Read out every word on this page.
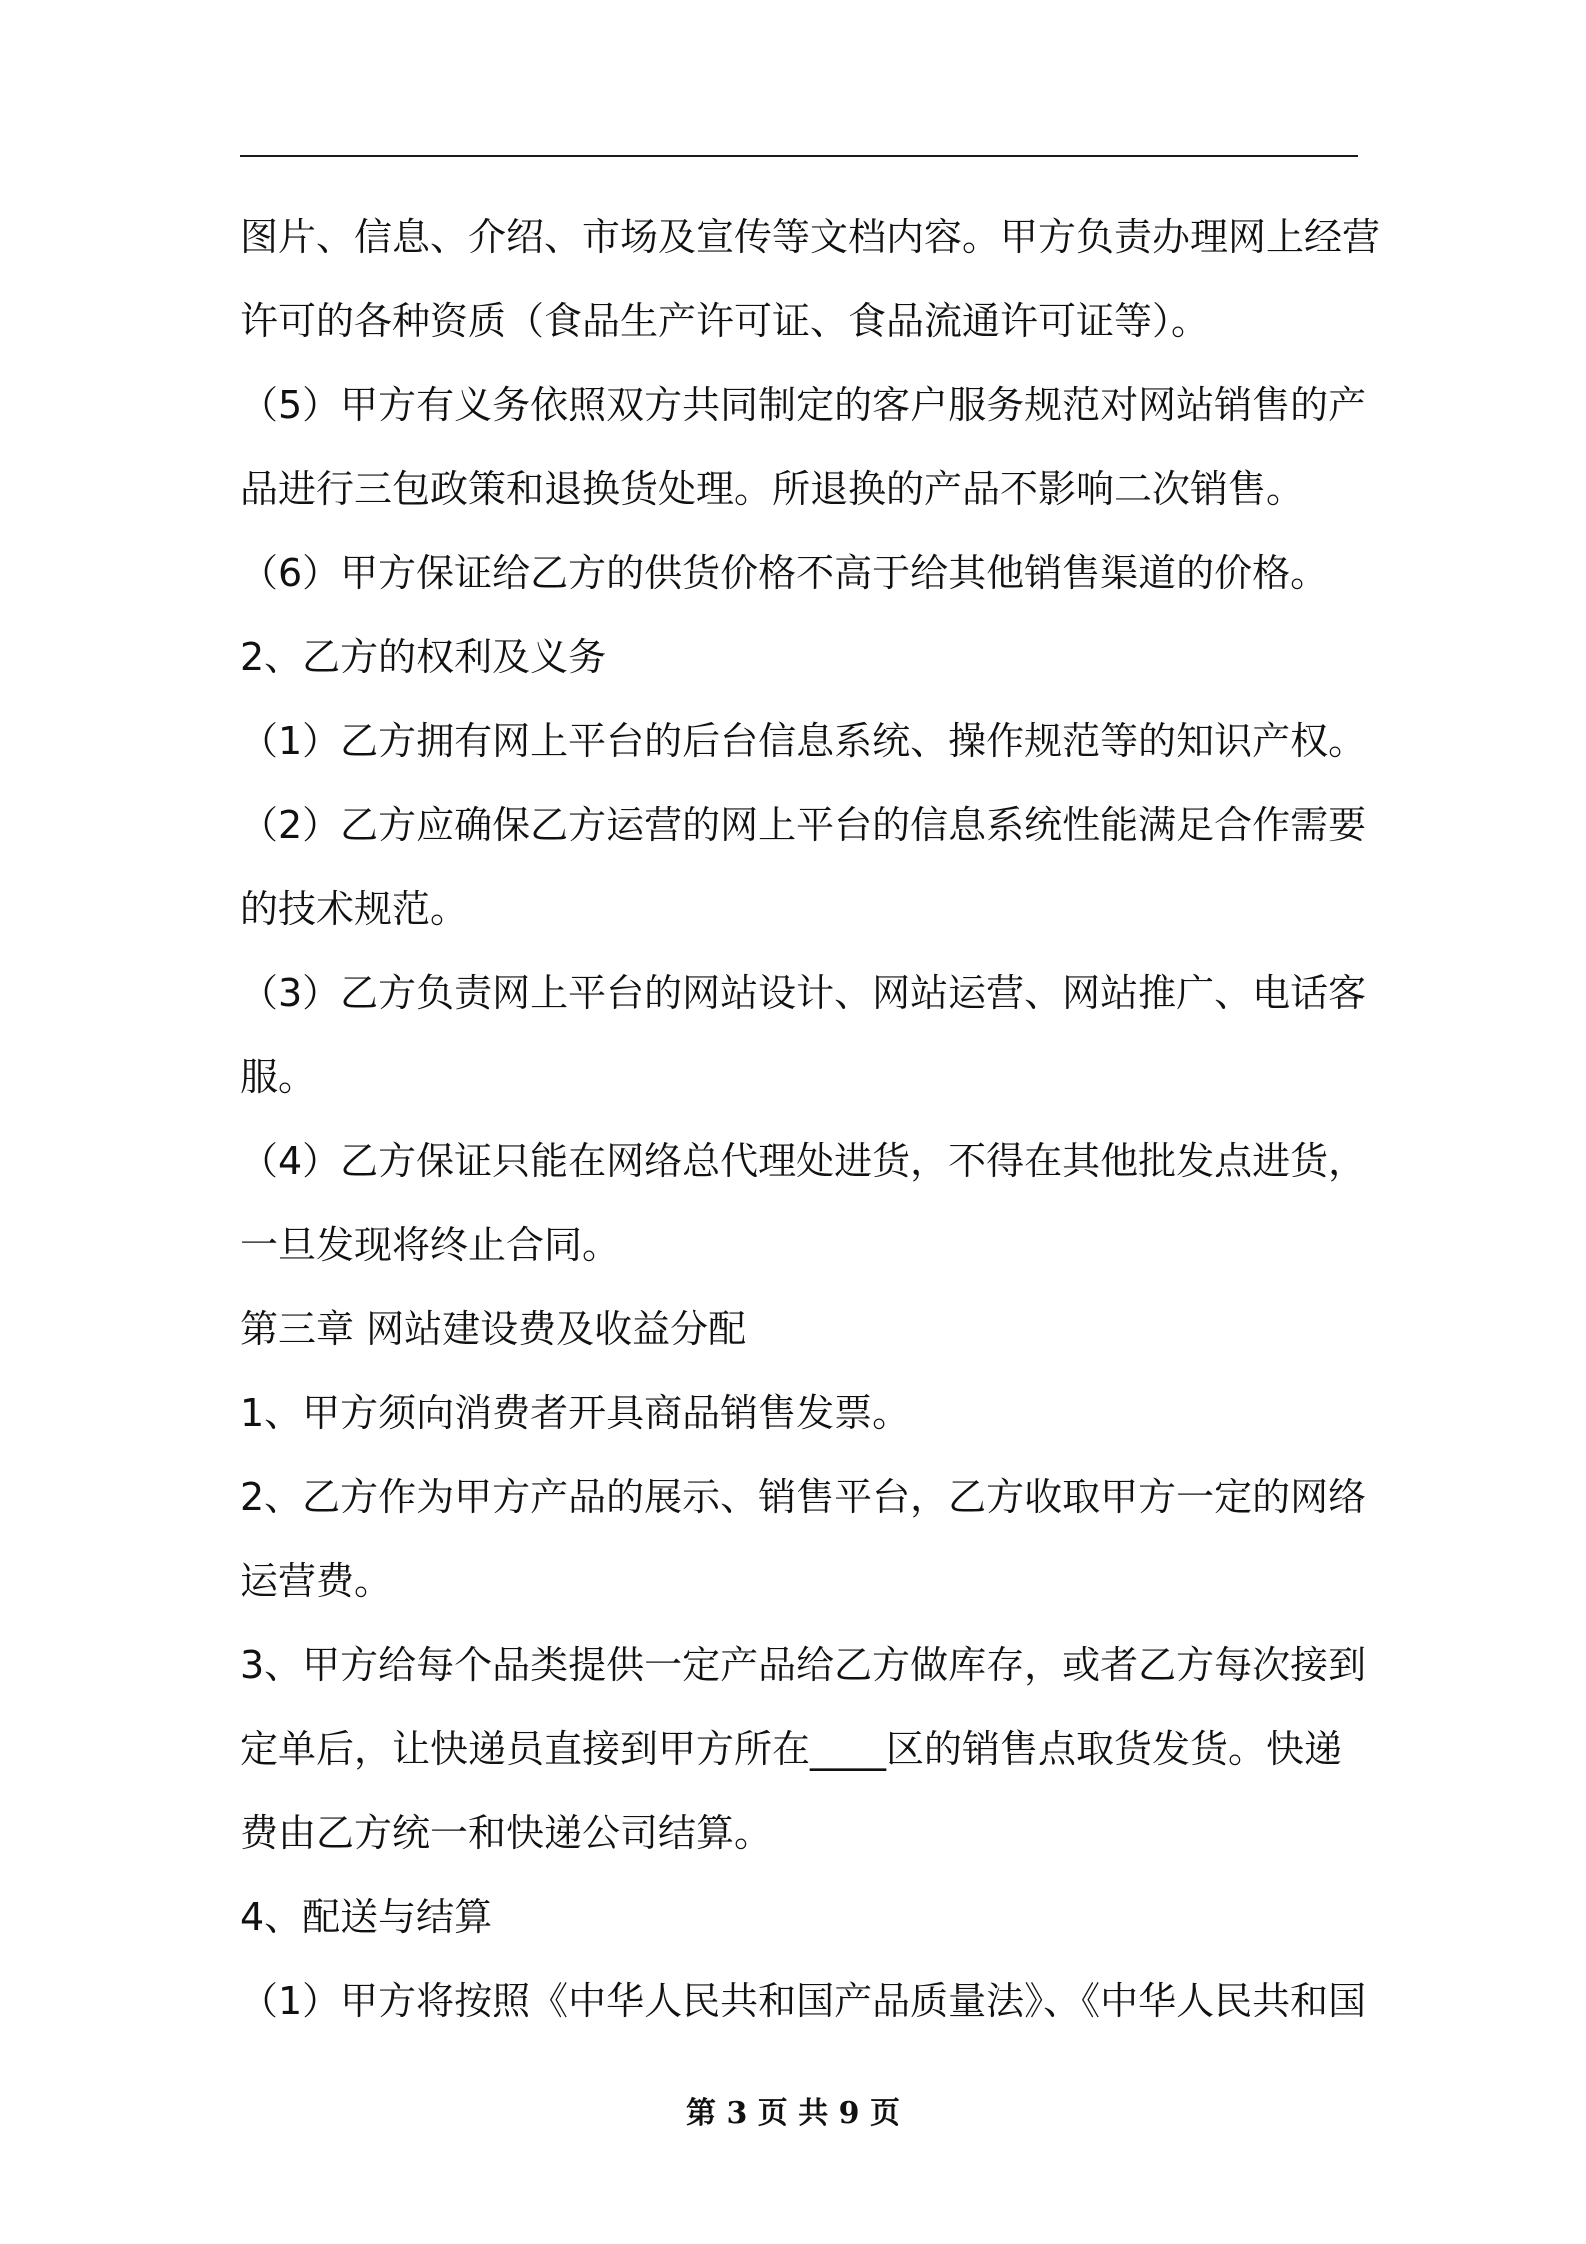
图片、信息、介绍、市场及宣传等文档内容。甲方负责办理网上经营
许可的各种资质（食品生产许可证、食品流通许可证等）。
（5）甲方有义务依照双方共同制定的客户服务规范对网站销售的产
品进行三包政策和退换货处理。所退换的产品不影响二次销售。
（6）甲方保证给乙方的供货价格不高于给其他销售渠道的价格。
2、乙方的权利及义务
（1）乙方拥有网上平台的后台信息系统、操作规范等的知识产权。
（2）乙方应确保乙方运营的网上平台的信息系统性能满足合作需要
的技术规范。
（3）乙方负责网上平台的网站设计、网站运营、网站推广、电话客
服。
（4）乙方保证只能在网络总代理处进货，不得在其他批发点进货，
一旦发现将终止合同。
第三章 网站建设费及收益分配
1、甲方须向消费者开具商品销售发票。
2、乙方作为甲方产品的展示、销售平台，乙方收取甲方一定的网络
运营费。
3、甲方给每个品类提供一定产品给乙方做库存，或者乙方每次接到
定单后，让快递员直接到甲方所在____区的销售点取货发货。快递
费由乙方统一和快递公司结算。
4、配送与结算
（1）甲方将按照《中华人民共和国产品质量法》、《中华人民共和国
第 3 页 共 9 页
